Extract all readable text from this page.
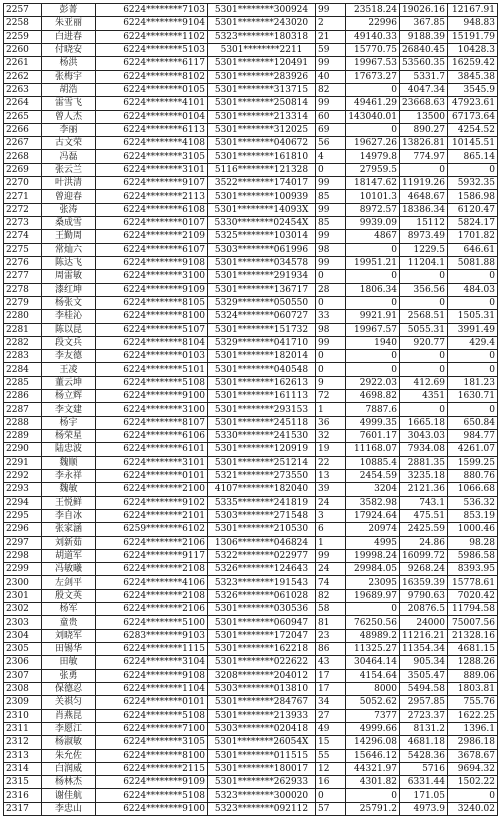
2257	彭菁	6224********7103	5301********300924	99	23518.24	19026.16	12167.91
2258	朱亚丽	6224********9104	5301********243020	2	22996	367.85	948.83
2259	白进春	6224********1102	5323********180318	21	49140.33	9188.39	15191.79
2260	付晓安	6224********5103	5301********2211	59	15770.75	26840.45	10428.3
2261	杨洪	6224********6117	5301********120491	99	19967.53	53560.35	16259.42
2262	张梅宇	6224********8102	5301********283926	40	17673.27	5331.7	3845.38
2263	胡浩	6224********0105	5301********313715	82	0	4047.34	3545.9
2264	雷雪飞	6224********4101	5301********250814	99	49461.29	23668.63	47923.61
2265	曾人杰	6224********0104	5301********213314	60	143040.01	13500	67173.64
2266	李丽	6224********6113	5301********312025	69	0	890.27	4254.52
2267	古文荣	6224********4108	5301********040672	56	19627.26	13826.81	10145.51
2268	冯磊	6224********3105	5301********161810	4	14979.8	774.97	865.14
2269	张云兰	6224********3101	5116********121328	0	27959.5	0	0
2270	叶洪清	6224********9107	3522********174017	99	18147.62	11919.26	5932.35
2271	曾迎春	6224********2113	5301********100939	85	10101.3	4648.67	1586.98
2272	张涛	6224********6108	5301********14093X	99	8972.57	18386.34	6120.47
2273	桑成雪	6224********0107	5330********02454X	85	9939.09	15112	5824.17
2274	王勤周	6224********2109	5325********103014	99	4867	8973.49	1701.82
2275	常灿六	6224********6107	5303********061996	98	0	1229.5	646.61
2276	陈达飞	6224********9108	5301********034578	99	19951.21	11204.1	5081.88
2277	周雷敏	6224********3100	5301********291934	0	0	0	0
2278	漆红坤	6224********9109	5301********136717	28	1806.34	356.56	484.03
2279	杨张文	6224********8105	5329********050550	0	0	0	0
2280	李桂沁	6224********8100	5324********060727	33	9921.91	2568.51	1505.31
2281	陈以昆	6224********5107	5301********151732	98	19967.57	5055.31	3991.49
2282	段文兵	6224********8104	5329********041710	99	1940	920.77	429.4
2283	李友德	6224********0103	5301********182014	0	0	0	0
2284	王凌	6224********5101	5301********040548	0	0	0	0
2285	董云坤	6224********5108	5301********162613	9	2922.03	412.69	181.23
2286	杨立辉	6224********9100	5301********161113	72	4698.82	4351	1630.71
2287	李文建	6224********3100	5301********293153	1	7887.6	0	0
2288	杨宇	6224********8107	5301********245118	36	4999.35	1665.18	650.84
2289	杨荣星	6224********6106	5330********241530	32	7601.17	3043.03	984.77
2290	陆忠波	6224********6101	5301********120919	19	11168.07	7934.08	4261.07
2291	魏顺	6224********3101	5301********251214	22	10885.4	2881.35	1599.25
2292	李永祥	6224********0101	5321********273550	13	2454.59	3235.18	880.76
2293	魏敏	6224********2100	4107********182040	39	3204	2121.36	1066.68
2294	王悦鲜	6224********9102	5335********241819	24	3582.98	743.1	536.32
2295	李自冰	6224********2101	5303********271548	3	17924.64	475.51	853.19
2296	张家涵	6259********6102	5301********210530	6	20974	2425.59	1000.46
2297	刘新茹	6224********2106	1306********046824	1	4995	24.86	98.28
2298	胡道军	6224********9117	5322********022977	99	19998.24	16099.72	5986.58
2299	冯敏曦	6224********2108	5326********124643	24	29984.05	9268.24	8393.95
2300	左剑平	6224********4106	5323********191543	74	23095	16359.39	15778.61
2301	殷文英	6224********2108	5326********061028	82	19689.97	9790.63	7020.42
2302	杨军	6224********2106	5301********030536	58	0	20876.5	11794.58
2303	童贵	6224********5100	5301********060947	81	76250.56	24000	75007.56
2304	刘晓军	6283********9103	5301********172047	23	48989.2	11216.21	21328.16
2305	田锡华	6224********1115	5301********162218	86	11325.27	11354.34	4681.15
2306	田敏	6224********3104	5301********022622	43	30464.14	905.34	1288.26
2307	张勇	6224********9108	3208********204012	17	4154.64	3505.47	889.06
2308	保德忍	6224********1104	5303********013810	17	8000	5494.58	1803.81
2309	关祺匀	6224********0101	5301********284767	34	5052.62	2957.85	755.76
2310	肖燕昆	6224********5108	5301********213933	27	7377	2723.37	1622.25
2311	李愿江	6224********7100	5303********020418	49	4999.66	8131.2	1396.1
2312	杨淑敏	6224********3105	5301********26054X	15	14296.08	4681.18	2986.18
2313	朱允佐	6224********8100	5301********011515	55	15646.12	5428.36	3678.67
2314	白润威	6224********2115	5301********180017	12	44321.97	5716	9694.32
2315	杨林杰	6224********9109	5301********262933	16	4301.82	6331.44	1502.22
2316	谢佳航	6224********5108	5323********300020	0	0	171.05	0
2317	李忠山	6224********9100	5323********092112	57	25791.2	4973.9	3240.02
